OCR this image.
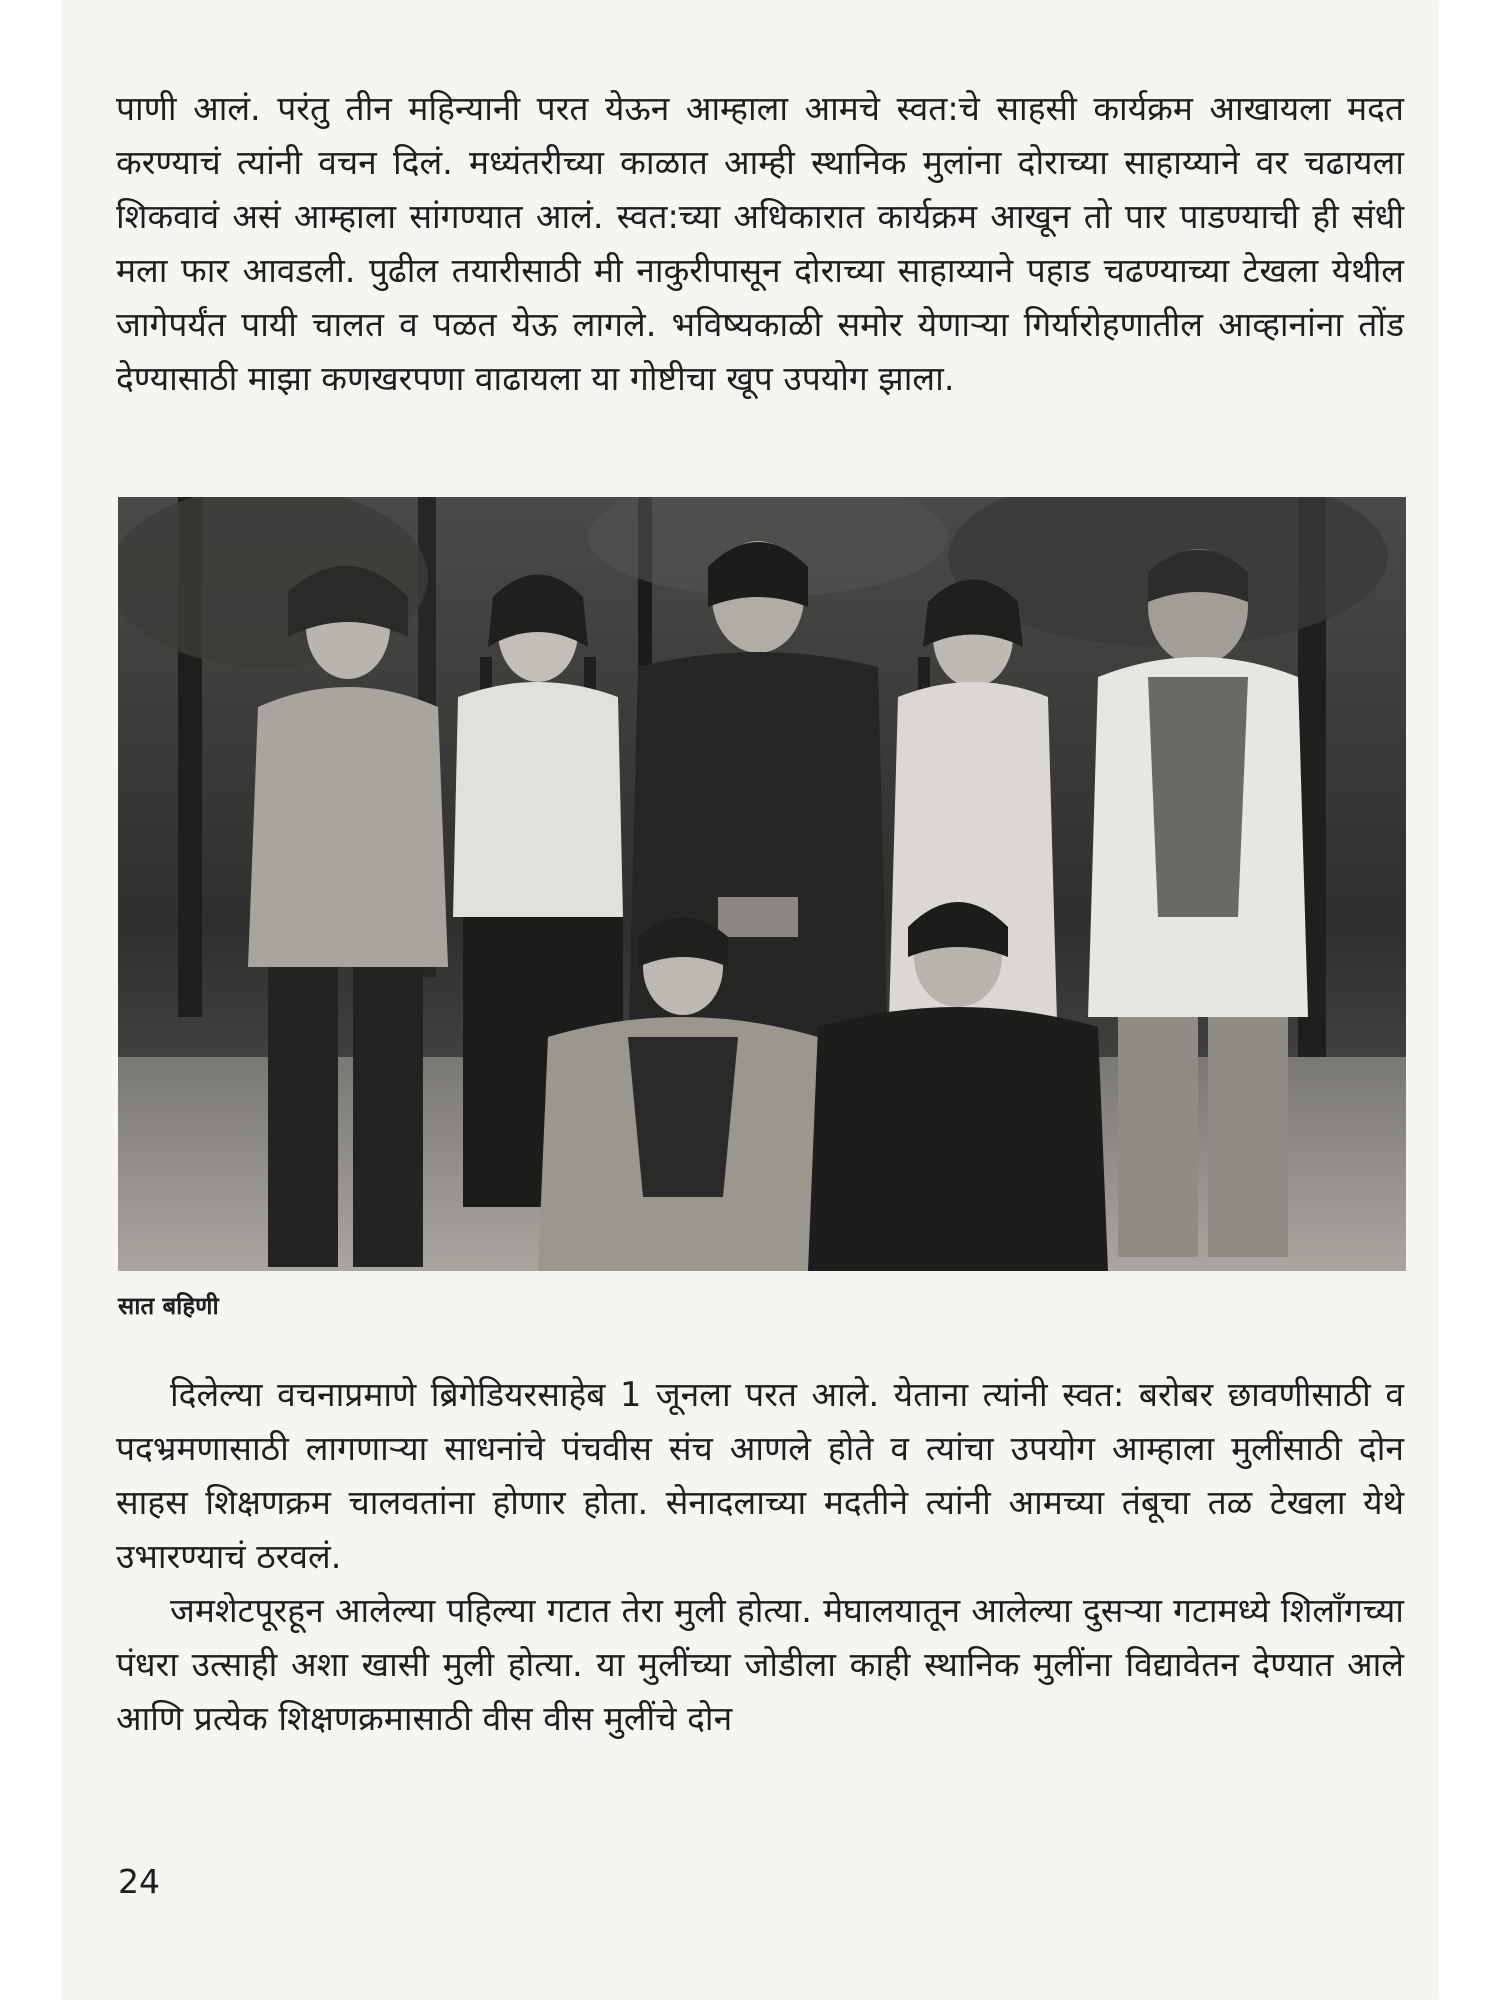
पाणी आलं. परंतु तीन महिन्यानी परत येऊन आम्हाला आमचे स्वत:चे साहसी कार्यक्रम आखायला मदत करण्याचं त्यांनी वचन दिलं. मध्यंतरीच्या काळात आम्ही स्थानिक मुलांना दोराच्या साहाय्याने वर चढायला शिकवावं असं आम्हाला सांगण्यात आलं. स्वत:च्या अधिकारात कार्यक्रम आखून तो पार पाडण्याची ही संधी मला फार आवडली. पुढील तयारीसाठी मी नाकुरीपासून दोराच्या साहाय्याने पहाड चढण्याच्या टेखला येथील जागेपर्यंत पायी चालत व पळत येऊ लागले. भविष्यकाळी समोर येणाऱ्या गिर्यारोहणातील आव्हानांना तोंड देण्यासाठी माझा कणखरपणा वाढायला या गोष्टीचा खूप उपयोग झाला.
सात बहिणी
दिलेल्या वचनाप्रमाणे ब्रिगेडियरसाहेब 1 जूनला परत आले. येताना त्यांनी स्वत: बरोबर छावणीसाठी व पदभ्रमणासाठी लागणाऱ्या साधनांचे पंचवीस संच आणले होते व त्यांचा उपयोग आम्हाला मुलींसाठी दोन साहस शिक्षणक्रम चालवतांना होणार होता. सेनादलाच्या मदतीने त्यांनी आमच्या तंबूचा तळ टेखला येथे उभारण्याचं ठरवलं.
जमशेटपूरहून आलेल्या पहिल्या गटात तेरा मुली होत्या. मेघालयातून आलेल्या दुसऱ्या गटामध्ये शिलाँगच्या पंधरा उत्साही अशा खासी मुली होत्या. या मुलींच्या जोडीला काही स्थानिक मुलींना विद्यावेतन देण्यात आले आणि प्रत्येक शिक्षणक्रमासाठी वीस वीस मुलींचे दोन
24
